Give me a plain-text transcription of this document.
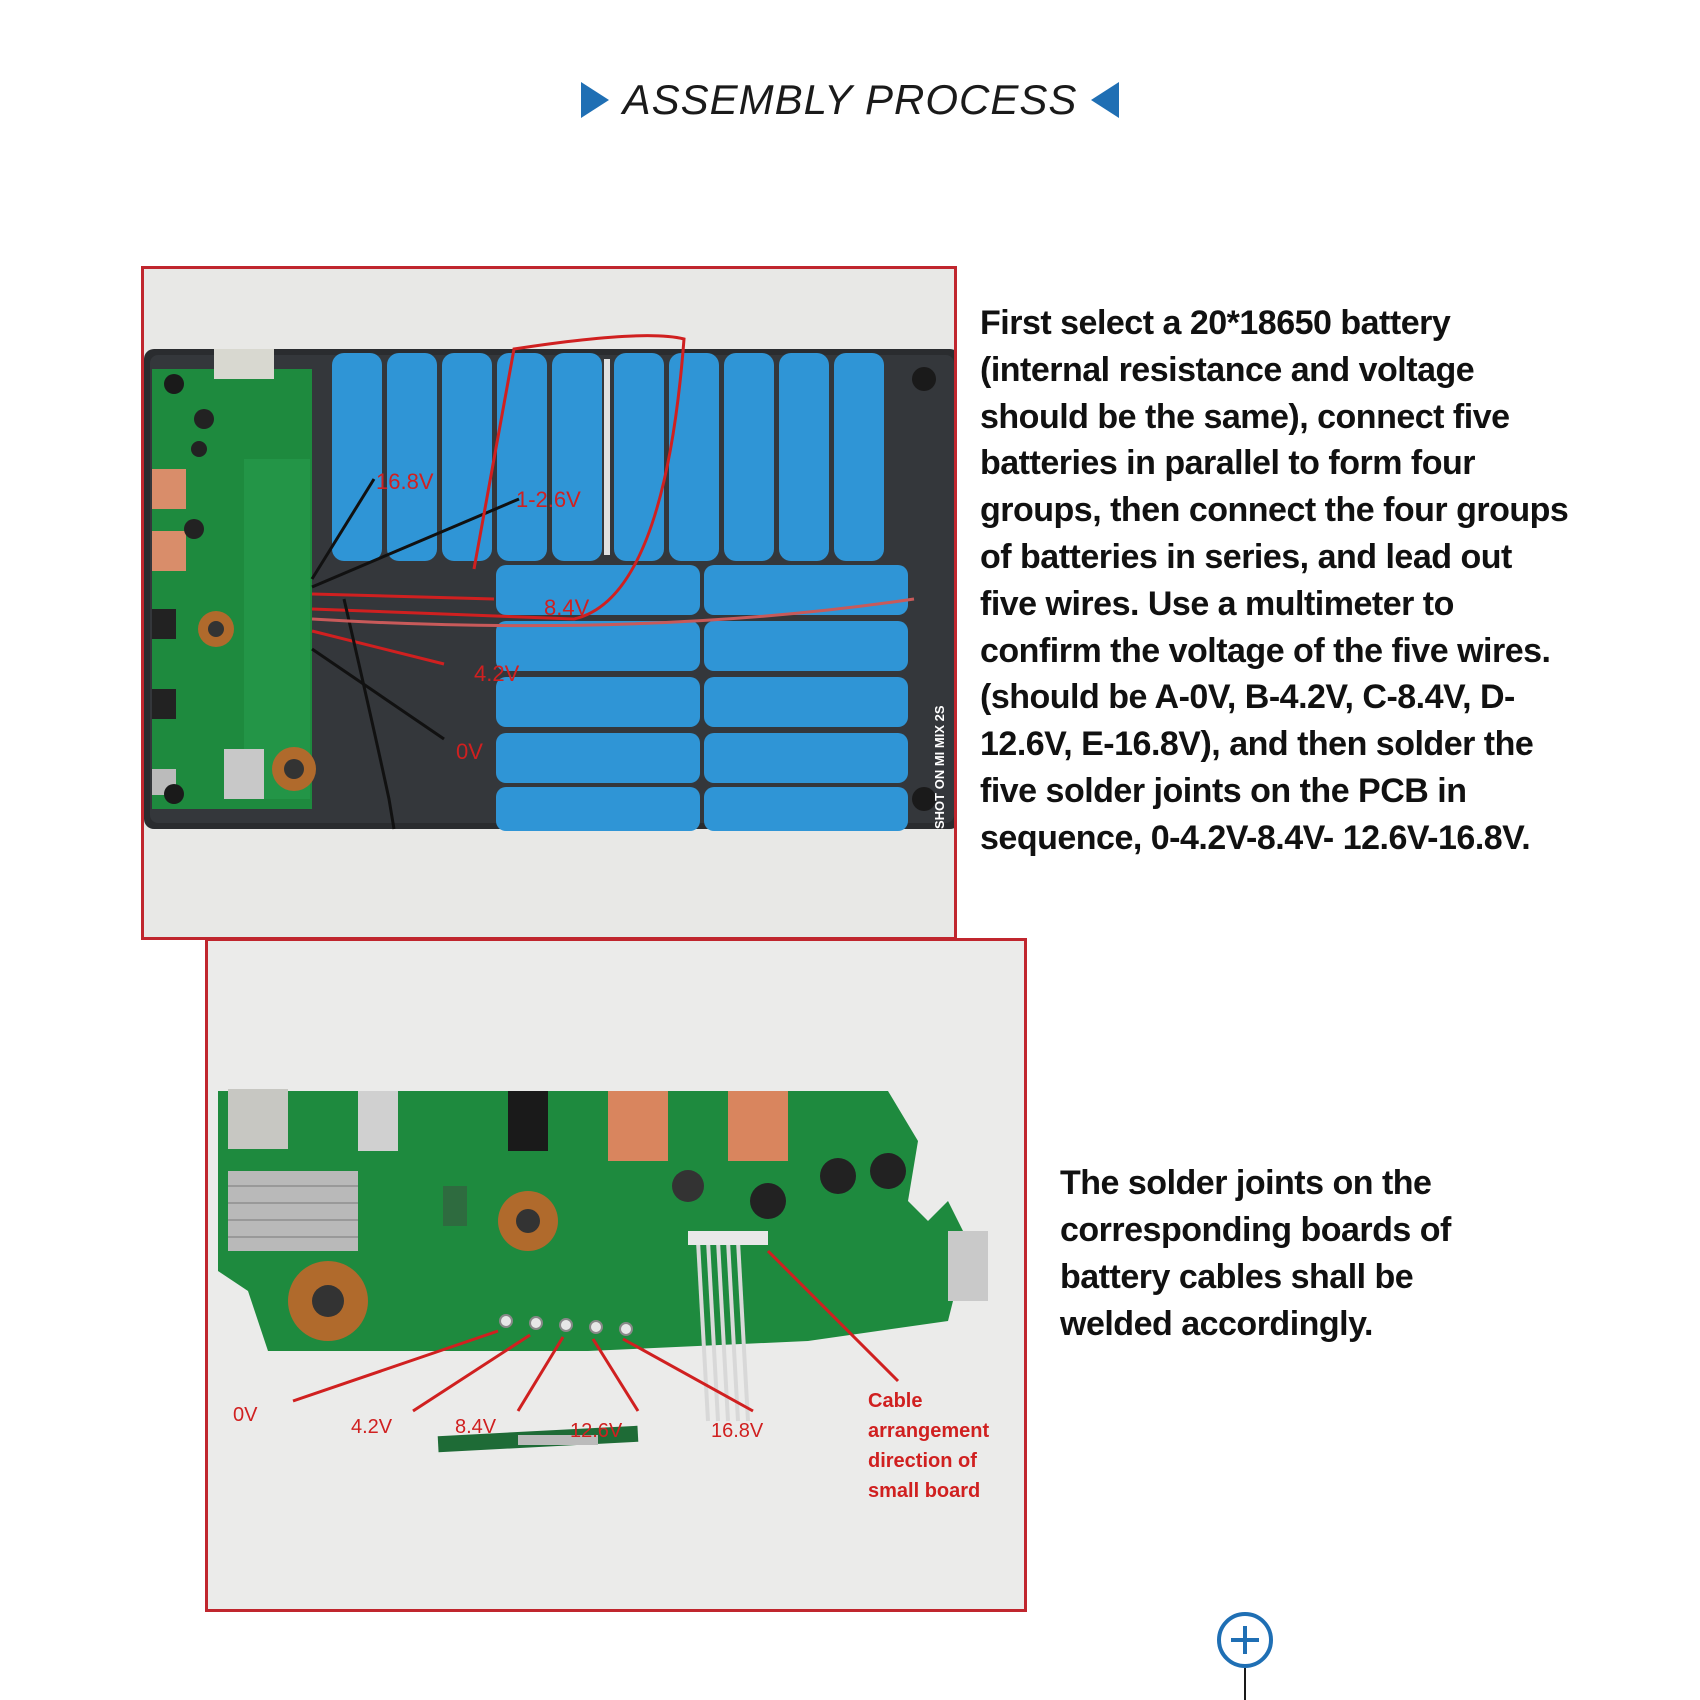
ASSEMBLY PROCESS
16.8V
1-2.6V
8.4V
4.2V
0V	SHOT ON MI MIX 2S
0V
4.2V	8.4V	12.6V	16.8V
Cable
arrangement
direction of
small board
First select a 20*18650 battery (internal resistance and voltage should be the same), connect five batteries in parallel to form four groups, then connect the four groups of batteries in series, and lead out five wires. Use a multimeter to confirm the voltage of the five wires. (should be A-0V, B-4.2V, C-8.4V, D-12.6V, E-16.8V), and then solder the five solder joints on the PCB in sequence, 0-4.2V-8.4V- 12.6V-16.8V.
The solder joints on the corresponding boards of battery cables shall be welded accordingly.
